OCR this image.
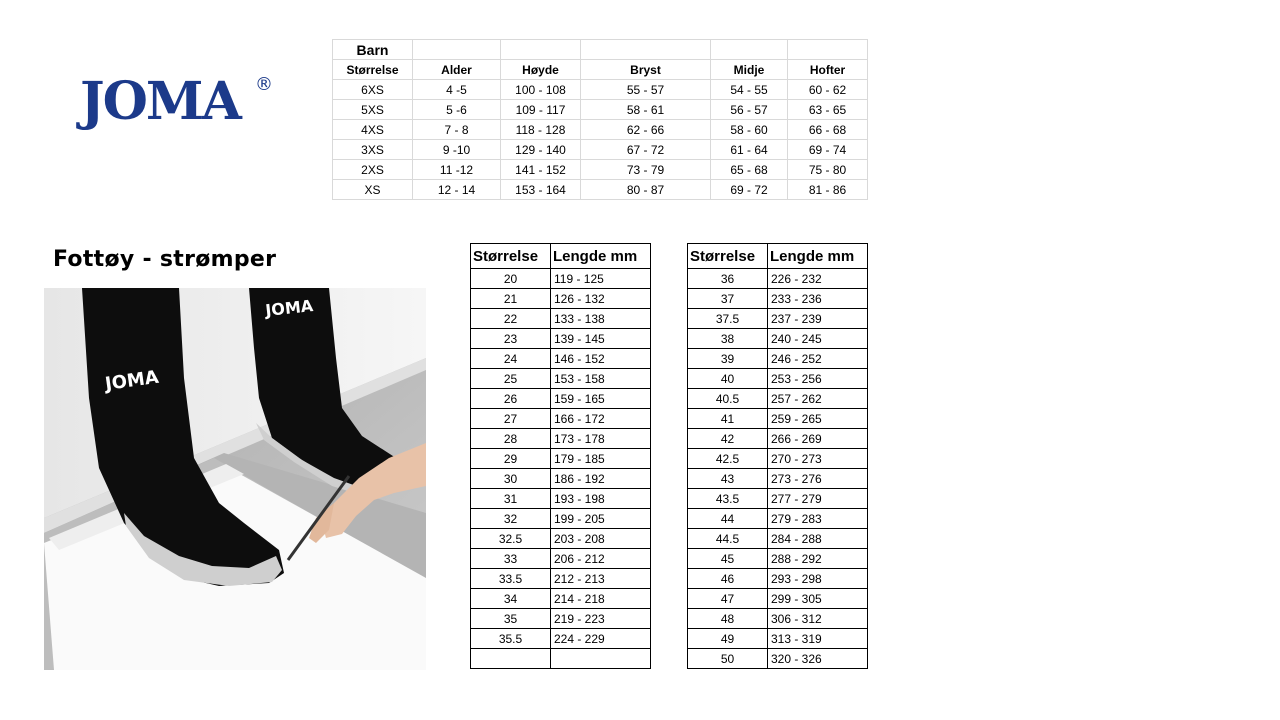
JOMA ®
Barn					
Størrelse	Alder	Høyde	Bryst	Midje	Hofter
6XS	4 -5	100 - 108	55 - 57	54 - 55	60 - 62
5XS	5 -6	109 - 117	58 - 61	56 - 57	63 - 65
4XS	7 - 8	118 - 128	62 - 66	58 - 60	66 - 68
3XS	9 -10	129 - 140	67 - 72	61 - 64	69 - 74
2XS	11 -12	141 - 152	73 - 79	65 - 68	75 - 80
XS	12 - 14	153 - 164	80 - 87	69 - 72	81 - 86
Fottøy - strømper
JOMA
JOMA
Størrelse	Lengde mm
20	119 - 125
21	126 - 132
22	133 - 138
23	139 - 145
24	146 - 152
25	153 - 158
26	159 - 165
27	166 - 172
28	173 - 178
29	179 - 185
30	186 - 192
31	193 - 198
32	199 - 205
32.5	203 - 208
33	206 - 212
33.5	212 - 213
34	214 - 218
35	219 - 223
35.5	224 - 229

Størrelse	Lengde mm
36	226 - 232
37	233 - 236
37.5	237 - 239
38	240 - 245
39	246 - 252
40	253 - 256
40.5	257 - 262
41	259 - 265
42	266 - 269
42.5	270 - 273
43	273 - 276
43.5	277 - 279
44	279 - 283
44.5	284 - 288
45	288 - 292
46	293 - 298
47	299 - 305
48	306 - 312
49	313 - 319
50	320 - 326
